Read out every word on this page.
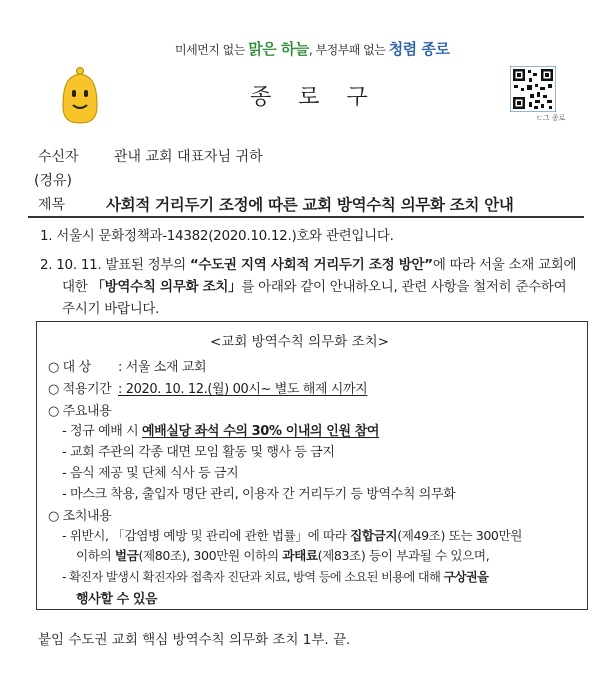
미세먼지 없는 맑은 하늘, 부정부패 없는 청렴 종로
종 로 구
ㄷ그 종로
수신자	관내 교회 대표자님 귀하
(경유)
제목	사회적 거리두기 조정에 따른 교회 방역수칙 의무화 조치 안내
1. 서울시 문화정책과-14382(2020.10.12.)호와 관련입니다.
2. 10. 11. 발표된 정부의 “수도권 지역 사회적 거리두기 조정 방안”에 따라 서울 소재 교회에
대한 「방역수칙 의무화 조치」를 아래와 같이 안내하오니, 관련 사항을 철저히 준수하여
주시기 바랍니다.
<교회 방역수칙 의무화 조치>
○ 대 상 : 서울 소재 교회
○ 적용기간 : 2020. 10. 12.(월) 00시~ 별도 해제 시까지
○ 주요내용
- 정규 예배 시 예배실당 좌석 수의 30% 이내의 인원 참여
- 교회 주관의 각종 대면 모임 활동 및 행사 등 금지
- 음식 제공 및 단체 식사 등 금지
- 마스크 착용, 출입자 명단 관리, 이용자 간 거리두기 등 방역수칙 의무화
○ 조치내용
- 위반시, 「감염병 예방 및 관리에 관한 법률」에 따라 집합금지(제49조) 또는 300만원
이하의 벌금(제80조), 300만원 이하의 과태료(제83조) 등이 부과될 수 있으며,
- 확진자 발생시 확진자와 접촉자 진단과 치료, 방역 등에 소요된 비용에 대해 구상권을
행사할 수 있음
붙임 수도권 교회 핵심 방역수칙 의무화 조치 1부. 끝.
